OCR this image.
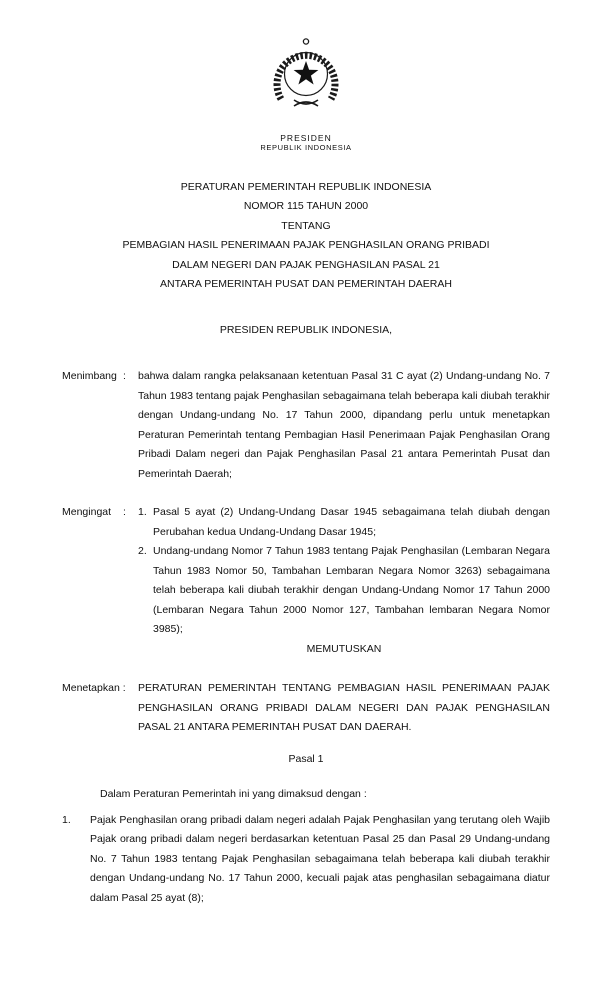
PRESIDEN
REPUBLIK INDONESIA
PERATURAN PEMERINTAH REPUBLIK INDONESIA
NOMOR 115 TAHUN 2000
TENTANG
PEMBAGIAN HASIL PENERIMAAN PAJAK PENGHASILAN ORANG PRIBADI
DALAM NEGERI DAN PAJAK PENGHASILAN PASAL 21
ANTARA PEMERINTAH PUSAT DAN PEMERINTAH DAERAH
PRESIDEN REPUBLIK INDONESIA,
Menimbang :	bahwa dalam rangka pelaksanaan ketentuan Pasal 31 C ayat (2) Undang-undang No. 7 Tahun 1983 tentang pajak Penghasilan sebagaimana telah beberapa kali diubah terakhir dengan Undang-undang No. 17 Tahun 2000, dipandang perlu untuk menetapkan Peraturan Pemerintah tentang Pembagian Hasil Penerimaan Pajak Penghasilan Orang Pribadi Dalam negeri dan Pajak Penghasilan Pasal 21 antara Pemerintah Pusat dan Pemerintah Daerah;
Mengingat	:	1. Pasal 5 ayat (2) Undang-Undang Dasar 1945 sebagaimana telah diubah dengan Perubahan kedua Undang-Undang Dasar 1945;
2. Undang-undang Nomor 7 Tahun 1983 tentang Pajak Penghasilan (Lembaran Negara Tahun 1983 Nomor 50, Tambahan Lembaran Negara Nomor 3263) sebagaimana telah beberapa kali diubah terakhir dengan Undang-Undang Nomor 17 Tahun 2000 (Lembaran Negara Tahun 2000 Nomor 127, Tambahan lembaran Negara Nomor 3985);
MEMUTUSKAN
Menetapkan :	PERATURAN PEMERINTAH TENTANG PEMBAGIAN HASIL PENERIMAAN PAJAK PENGHASILAN ORANG PRIBADI DALAM NEGERI DAN PAJAK PENGHASILAN PASAL 21 ANTARA PEMERINTAH PUSAT DAN DAERAH.
Pasal 1
Dalam Peraturan Pemerintah ini yang dimaksud dengan :
1.	Pajak Penghasilan orang pribadi dalam negeri adalah Pajak Penghasilan yang terutang oleh Wajib Pajak orang pribadi dalam negeri berdasarkan ketentuan Pasal 25 dan Pasal 29 Undang-undang No. 7 Tahun 1983 tentang Pajak Penghasilan sebagaimana telah beberapa kali diubah terakhir dengan Undang-undang No. 17 Tahun 2000, kecuali pajak atas penghasilan sebagaimana diatur dalam Pasal 25 ayat (8);
